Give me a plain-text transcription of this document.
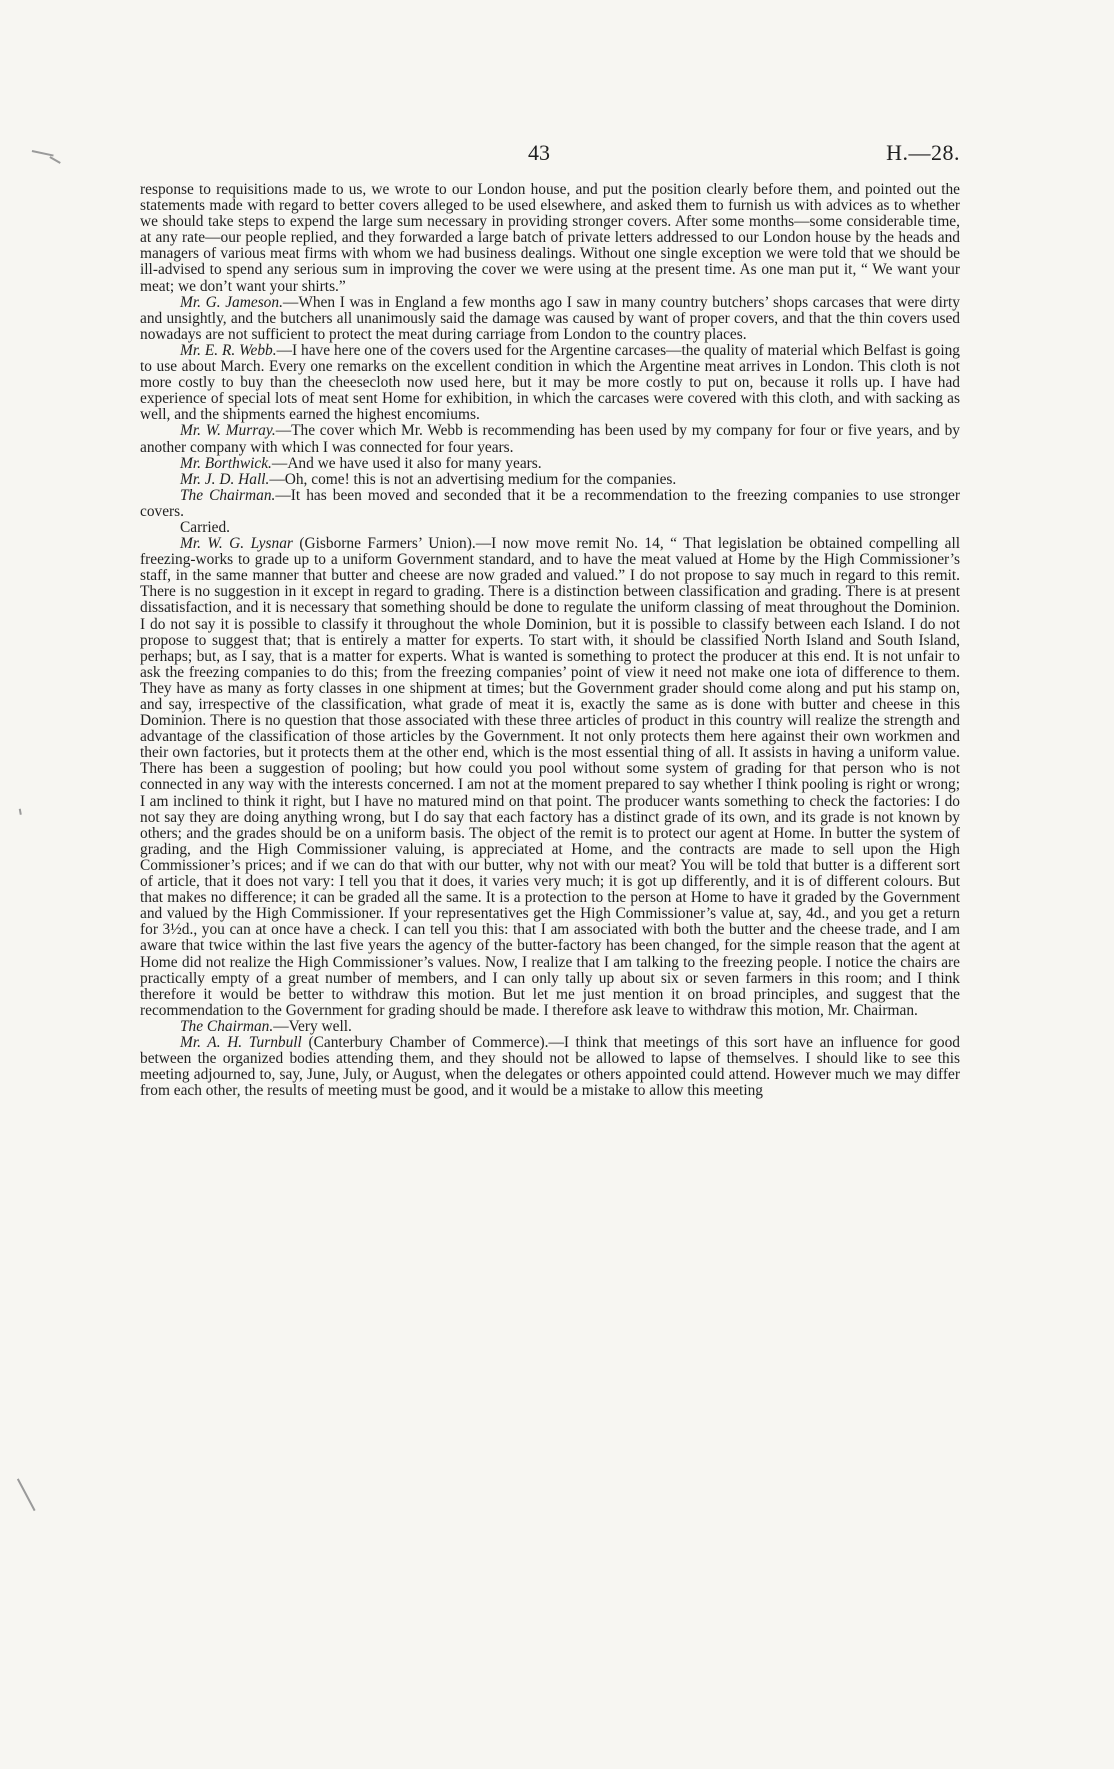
43	H.—28.

response to requisitions made to us, we wrote to our London house, and put the position clearly before them, and pointed out the statements made with regard to better covers alleged to be used elsewhere, and asked them to furnish us with advices as to whether we should take steps to expend the large sum necessary in providing stronger covers. After some months—some considerable time, at any rate—our people replied, and they forwarded a large batch of private letters addressed to our London house by the heads and managers of various meat firms with whom we had business dealings. Without one single exception we were told that we should be ill-advised to spend any serious sum in improving the cover we were using at the present time. As one man put it, “ We want your meat; we don’t want your shirts.”

Mr. G. Jameson.—When I was in England a few months ago I saw in many country butchers’ shops carcases that were dirty and unsightly, and the butchers all unanimously said the damage was caused by want of proper covers, and that the thin covers used nowadays are not sufficient to protect the meat during carriage from London to the country places.

Mr. E. R. Webb.—I have here one of the covers used for the Argentine carcases—the quality of material which Belfast is going to use about March. Every one remarks on the excellent condition in which the Argentine meat arrives in London. This cloth is not more costly to buy than the cheesecloth now used here, but it may be more costly to put on, because it rolls up. I have had experience of special lots of meat sent Home for exhibition, in which the carcases were covered with this cloth, and with sacking as well, and the shipments earned the highest encomiums.

Mr. W. Murray.—The cover which Mr. Webb is recommending has been used by my company for four or five years, and by another company with which I was connected for four years.

Mr. Borthwick.—And we have used it also for many years.

Mr. J. D. Hall.—Oh, come! this is not an advertising medium for the companies.

The Chairman.—It has been moved and seconded that it be a recommendation to the freezing companies to use stronger covers.

Carried.

Mr. W. G. Lysnar (Gisborne Farmers’ Union).—I now move remit No. 14, “ That legislation be obtained compelling all freezing-works to grade up to a uniform Government standard, and to have the meat valued at Home by the High Commissioner’s staff, in the same manner that butter and cheese are now graded and valued.” I do not propose to say much in regard to this remit. There is no suggestion in it except in regard to grading. There is a distinction between classification and grading. There is at present dissatisfaction, and it is necessary that something should be done to regulate the uniform classing of meat throughout the Dominion. I do not say it is possible to classify it throughout the whole Dominion, but it is possible to classify between each Island. I do not propose to suggest that; that is entirely a matter for experts. To start with, it should be classified North Island and South Island, perhaps; but, as I say, that is a matter for experts. What is wanted is something to protect the producer at this end. It is not unfair to ask the freezing companies to do this; from the freezing companies’ point of view it need not make one iota of difference to them. They have as many as forty classes in one shipment at times; but the Government grader should come along and put his stamp on, and say, irrespective of the classification, what grade of meat it is, exactly the same as is done with butter and cheese in this Dominion. There is no question that those associated with these three articles of product in this country will realize the strength and advantage of the classification of those articles by the Government. It not only protects them here against their own workmen and their own factories, but it protects them at the other end, which is the most essential thing of all. It assists in having a uniform value. There has been a suggestion of pooling; but how could you pool without some system of grading for that person who is not connected in any way with the interests concerned. I am not at the moment prepared to say whether I think pooling is right or wrong; I am inclined to think it right, but I have no matured mind on that point. The producer wants something to check the factories: I do not say they are doing anything wrong, but I do say that each factory has a distinct grade of its own, and its grade is not known by others; and the grades should be on a uniform basis. The object of the remit is to protect our agent at Home. In butter the system of grading, and the High Commissioner valuing, is appreciated at Home, and the contracts are made to sell upon the High Commissioner’s prices; and if we can do that with our butter, why not with our meat? You will be told that butter is a different sort of article, that it does not vary: I tell you that it does, it varies very much; it is got up differently, and it is of different colours. But that makes no difference; it can be graded all the same. It is a protection to the person at Home to have it graded by the Government and valued by the High Commissioner. If your representatives get the High Commissioner’s value at, say, 4d., and you get a return for 3½d., you can at once have a check. I can tell you this: that I am associated with both the butter and the cheese trade, and I am aware that twice within the last five years the agency of the butter-factory has been changed, for the simple reason that the agent at Home did not realize the High Commissioner’s values. Now, I realize that I am talking to the freezing people. I notice the chairs are practically empty of a great number of members, and I can only tally up about six or seven farmers in this room; and I think therefore it would be better to withdraw this motion. But let me just mention it on broad principles, and suggest that the recommendation to the Government for grading should be made. I therefore ask leave to withdraw this motion, Mr. Chairman.

The Chairman.—Very well.

Mr. A. H. Turnbull (Canterbury Chamber of Commerce).—I think that meetings of this sort have an influence for good between the organized bodies attending them, and they should not be allowed to lapse of themselves. I should like to see this meeting adjourned to, say, June, July, or August, when the delegates or others appointed could attend. However much we may differ from each other, the results of meeting must be good, and it would be a mistake to allow this meeting
